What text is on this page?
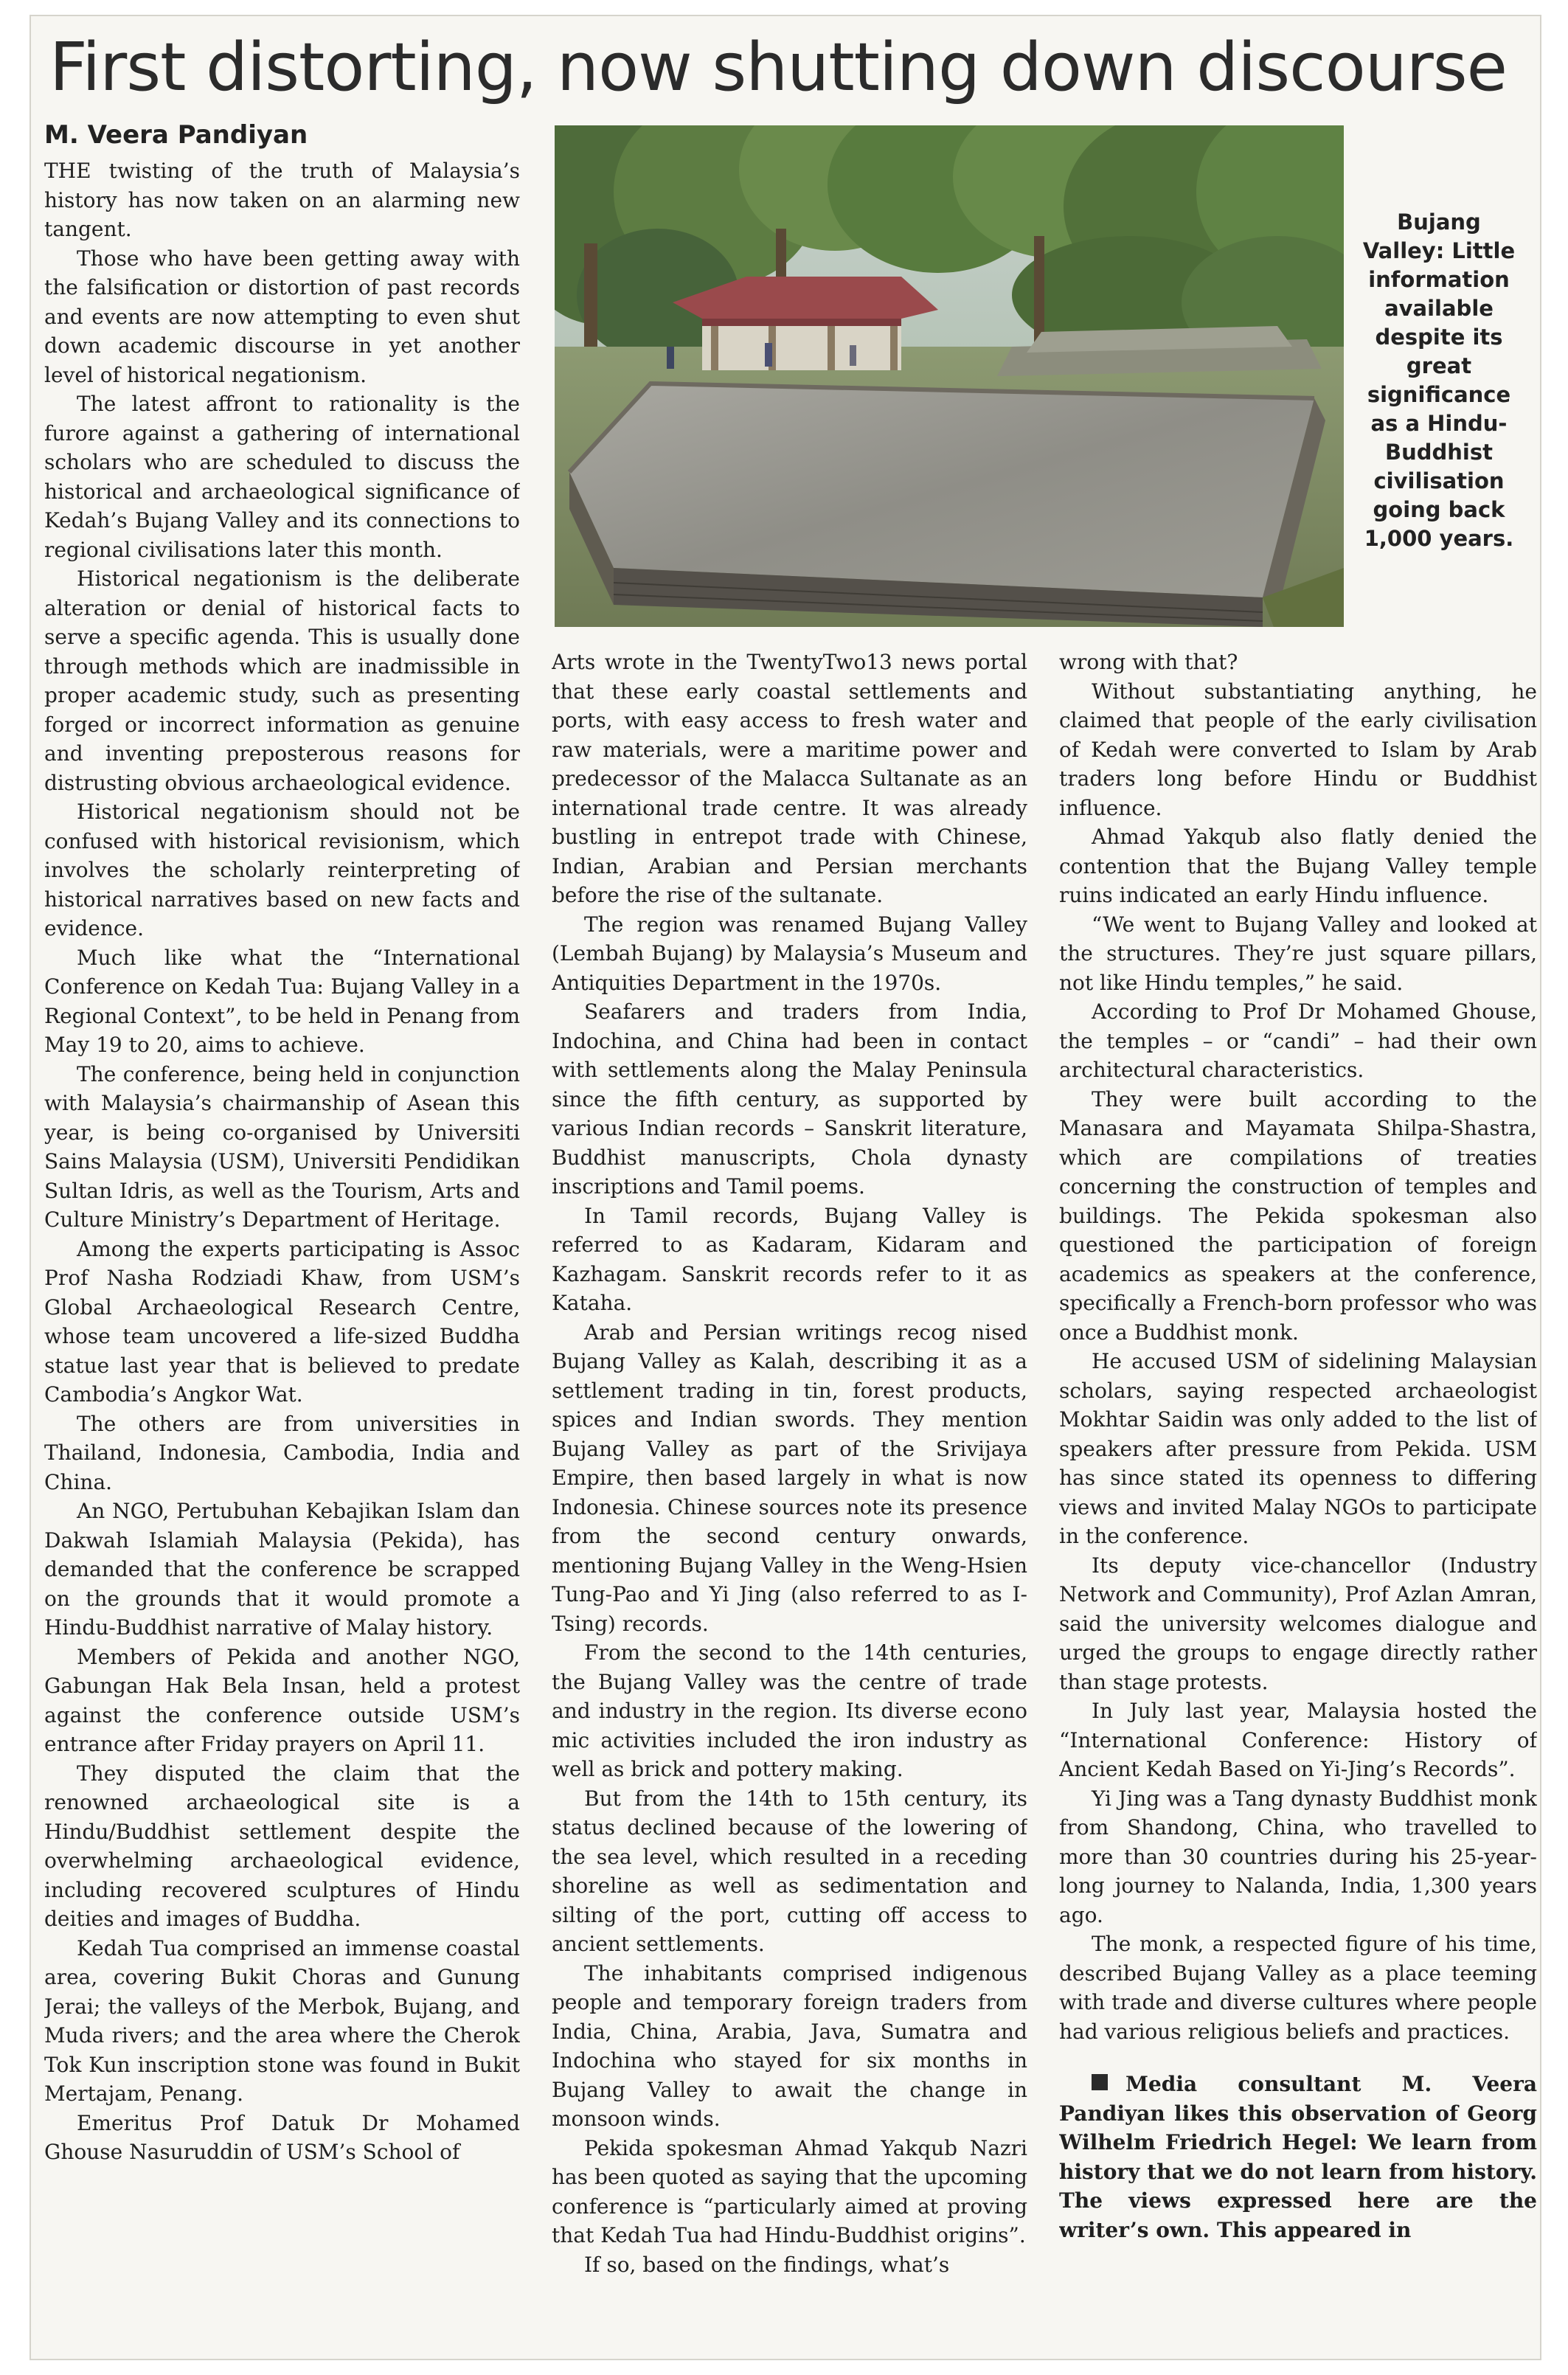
First distorting, now shutting down discourse

M. Veera Pandiyan

Bujang Valley: Little information available despite its great significance as a Hindu-Buddhist civilisation going back 1,000 years.

THE twisting of the truth of Malaysia’s history has now taken on an alarming new tangent.

Those who have been getting away with the falsification or distortion of past records and events are now attempting to even shut down academic discourse in yet another level of historical negationism.

The latest affront to rationality is the furore against a gathering of international scholars who are scheduled to discuss the historical and archaeological significance of Kedah’s Bujang Valley and its connections to regional civilisations later this month.

Historical negationism is the deliberate alteration or denial of historical facts to serve a specific agenda. This is usually done through methods which are inadmissible in proper academic study, such as presenting forged or incorrect information as genuine and inventing preposterous reasons for distrusting obvious archaeological evidence.

Historical negationism should not be confused with historical revisionism, which involves the scholarly reinterpreting of historical narratives based on new facts and evidence.

Much like what the “International Conference on Kedah Tua: Bujang Valley in a Regional Context”, to be held in Penang from May 19 to 20, aims to achieve.

The conference, being held in conjunction with Malaysia’s chairmanship of Asean this year, is being co-organised by Universiti Sains Malaysia (USM), Universiti Pendidikan Sultan Idris, as well as the Tourism, Arts and Culture Ministry’s Department of Heritage.

Among the experts participating is Assoc Prof Nasha Rodziadi Khaw, from USM’s Global Archaeological Research Centre, whose team uncovered a life-sized Buddha statue last year that is believed to predate Cambodia’s Angkor Wat.

The others are from universities in Thailand, Indonesia, Cambodia, India and China.

An NGO, Pertubuhan Kebajikan Islam dan Dakwah Islamiah Malaysia (Pekida), has demanded that the conference be scrapped on the grounds that it would promote a Hindu-Buddhist narrative of Malay history.

Members of Pekida and another NGO, Gabungan Hak Bela Insan, held a protest against the conference outside USM’s entrance after Friday prayers on April 11.

They disputed the claim that the renowned archaeological site is a Hindu/Buddhist settlement despite the overwhelming archaeological evidence, including recovered sculptures of Hindu deities and images of Buddha.

Kedah Tua comprised an immense coastal area, covering Bukit Choras and Gunung Jerai; the valleys of the Merbok, Bujang, and Muda rivers; and the area where the Cherok Tok Kun inscription stone was found in Bukit Mertajam, Penang.

Emeritus Prof Datuk Dr Mohamed Ghouse Nasuruddin of USM’s School of

Arts wrote in the TwentyTwo13 news portal that these early coastal settlements and ports, with easy access to fresh water and raw materials, were a maritime power and predecessor of the Malacca Sultanate as an international trade centre. It was already bustling in entrepot trade with Chinese, Indian, Arabian and Persian merchants before the rise of the sultanate.

The region was renamed Bujang Valley (Lembah Bujang) by Malaysia’s Museum and Antiquities Department in the 1970s.

Seafarers and traders from India, Indochina, and China had been in contact with settlements along the Malay Peninsula since the fifth century, as supported by various Indian records – Sanskrit literature, Buddhist manuscripts, Chola dynasty inscriptions and Tamil poems.

In Tamil records, Bujang Valley is referred to as Kadaram, Kidaram and Kazhagam. Sanskrit records refer to it as Kataha.

Arab and Persian writings recog nised Bujang Valley as Kalah, describing it as a settlement trading in tin, forest products, spices and Indian swords. They mention Bujang Valley as part of the Srivijaya Empire, then based largely in what is now Indonesia. Chinese sources note its presence from the second century onwards, mentioning Bujang Valley in the Weng-Hsien Tung-Pao and Yi Jing (also referred to as I-Tsing) records.

From the second to the 14th centuries, the Bujang Valley was the centre of trade and industry in the region. Its diverse econo mic activities included the iron industry as well as brick and pottery making.

But from the 14th to 15th century, its status declined because of the lowering of the sea level, which resulted in a receding shoreline as well as sedimentation and silting of the port, cutting off access to ancient settlements.

The inhabitants comprised indigenous people and temporary foreign traders from India, China, Arabia, Java, Sumatra and Indochina who stayed for six months in Bujang Valley to await the change in monsoon winds.

Pekida spokesman Ahmad Yakqub Nazri has been quoted as saying that the upcoming conference is “particularly aimed at proving that Kedah Tua had Hindu-Buddhist origins”.

If so, based on the findings, what’s

wrong with that?

Without substantiating anything, he claimed that people of the early civilisation of Kedah were converted to Islam by Arab traders long before Hindu or Buddhist influence.

Ahmad Yakqub also flatly denied the contention that the Bujang Valley temple ruins indicated an early Hindu influence.

“We went to Bujang Valley and looked at the structures. They’re just square pillars, not like Hindu temples,” he said.

According to Prof Dr Mohamed Ghouse, the temples – or “candi” – had their own architectural characteristics.

They were built according to the Manasara and Mayamata Shilpa-Shastra, which are compilations of treaties concerning the construction of temples and buildings. The Pekida spokesman also questioned the participation of foreign academics as speakers at the conference, specifically a French-born professor who was once a Buddhist monk.

He accused USM of sidelining Malaysian scholars, saying respected archaeologist Mokhtar Saidin was only added to the list of speakers after pressure from Pekida. USM has since stated its openness to differing views and invited Malay NGOs to participate in the conference.

Its deputy vice-chancellor (Industry Network and Community), Prof Azlan Amran, said the university welcomes dialogue and urged the groups to engage directly rather than stage protests.

In July last year, Malaysia hosted the “International Conference: History of Ancient Kedah Based on Yi-Jing’s Records”.

Yi Jing was a Tang dynasty Buddhist monk from Shandong, China, who travelled to more than 30 countries during his 25-year-long journey to Nalanda, India, 1,300 years ago.

The monk, a respected figure of his time, described Bujang Valley as a place teeming with trade and diverse cultures where people had various religious beliefs and practices.

Media consultant M. Veera Pandiyan likes this observation of Georg Wilhelm Friedrich Hegel: We learn from history that we do not learn from history. The views expressed here are the writer’s own. This appeared in
